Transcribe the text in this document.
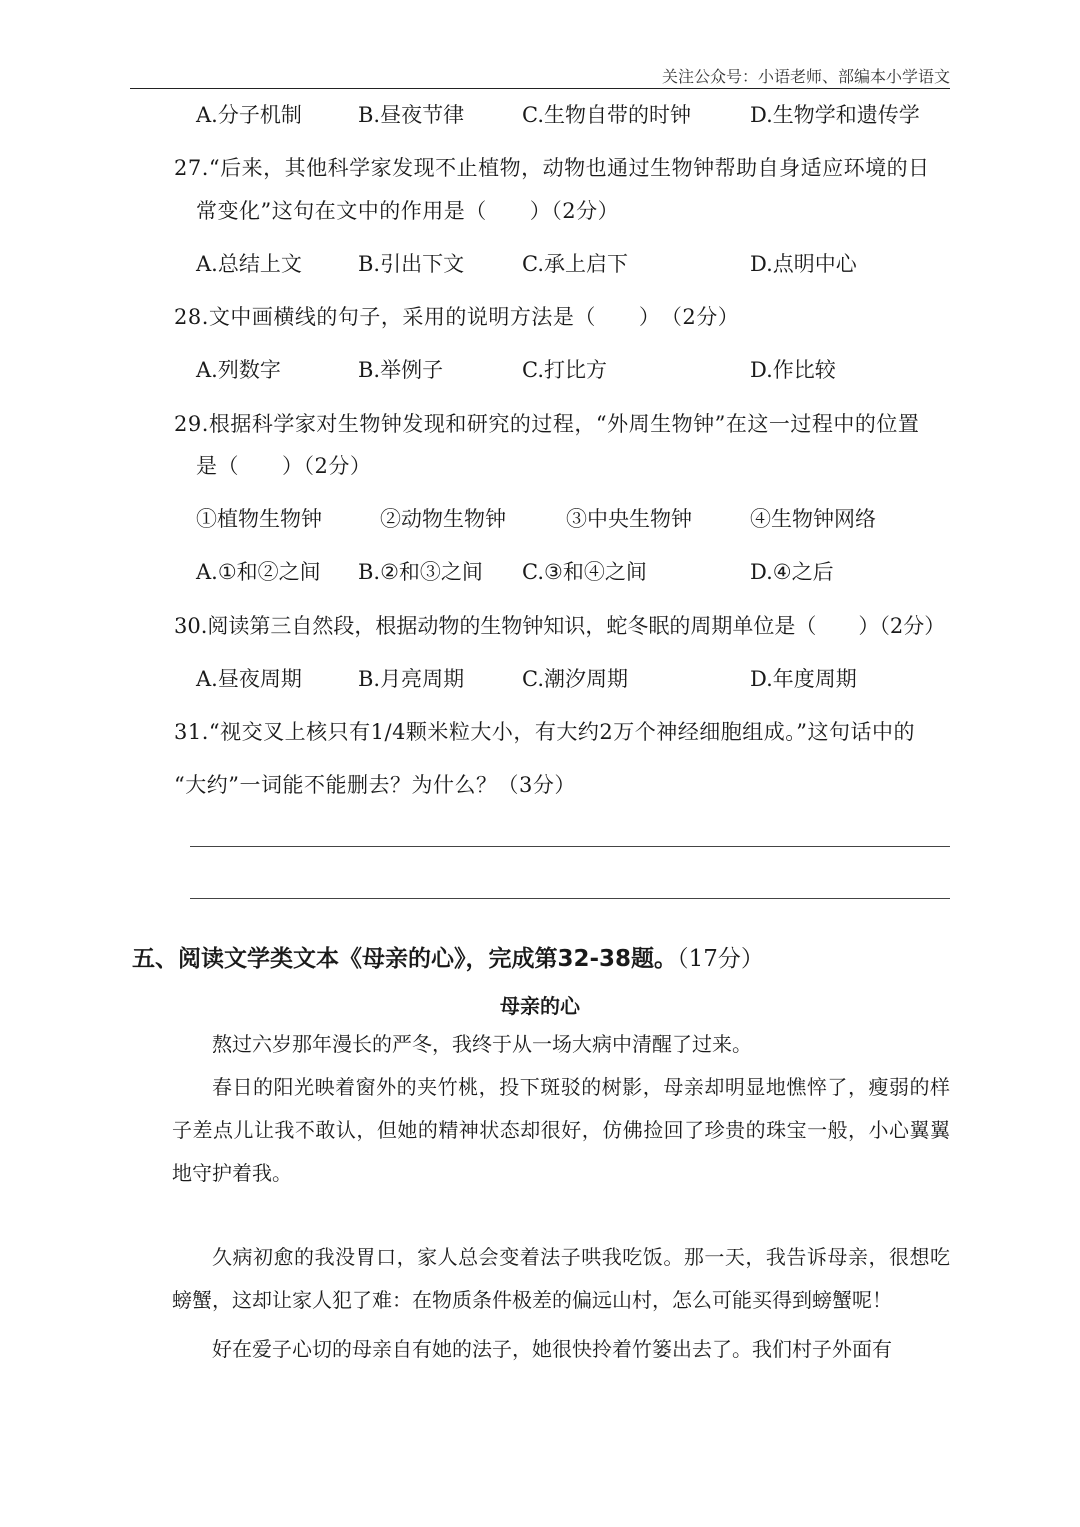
关注公众号：小语老师、部编本小学语文
A.分子机制	B.昼夜节律	C.生物自带的时钟	D.生物学和遗传学
27.“后来，其他科学家发现不止植物，动物也通过生物钟帮助自身适应环境的日
常变化”这句在文中的作用是（　　）（2分）
A.总结上文	B.引出下文	C.承上启下	D.点明中心
28.文中画横线的句子，采用的说明方法是（　　）　（2分）
A.列数字	B.举例子	C.打比方	D.作比较
29.根据科学家对生物钟发现和研究的过程，“外周生物钟”在这一过程中的位置
是（　　）（2分）
①植物生物钟	②动物生物钟	③中央生物钟	④生物钟网络
A.①和②之间 B.②和③之间 C.③和④之间	D.④之后
30.阅读第三自然段，根据动物的生物钟知识，蛇冬眠的周期单位是（　　）（2分）
A.昼夜周期	B.月亮周期	C.潮汐周期	D.年度周期
31.“视交叉上核只有1/4颗米粒大小，有大约2万个神经细胞组成。”这句话中的
“大约”一词能不能删去？为什么？（3分）
五、阅读文学类文本《母亲的心》，完成第32-38题。（17分）
母亲的心
熬过六岁那年漫长的严冬，我终于从一场大病中清醒了过来。
春日的阳光映着窗外的夹竹桃，投下斑驳的树影，母亲却明显地憔悴了，瘦弱的样子差点儿让我不敢认，但她的精神状态却很好，仿佛捡回了珍贵的珠宝一般，小心翼翼地守护着我。
久病初愈的我没胃口，家人总会变着法子哄我吃饭。那一天，我告诉母亲，很想吃螃蟹，这却让家人犯了难：在物质条件极差的偏远山村，怎么可能买得到螃蟹呢！
好在爱子心切的母亲自有她的法子，她很快拎着竹篓出去了。我们村子外面有
